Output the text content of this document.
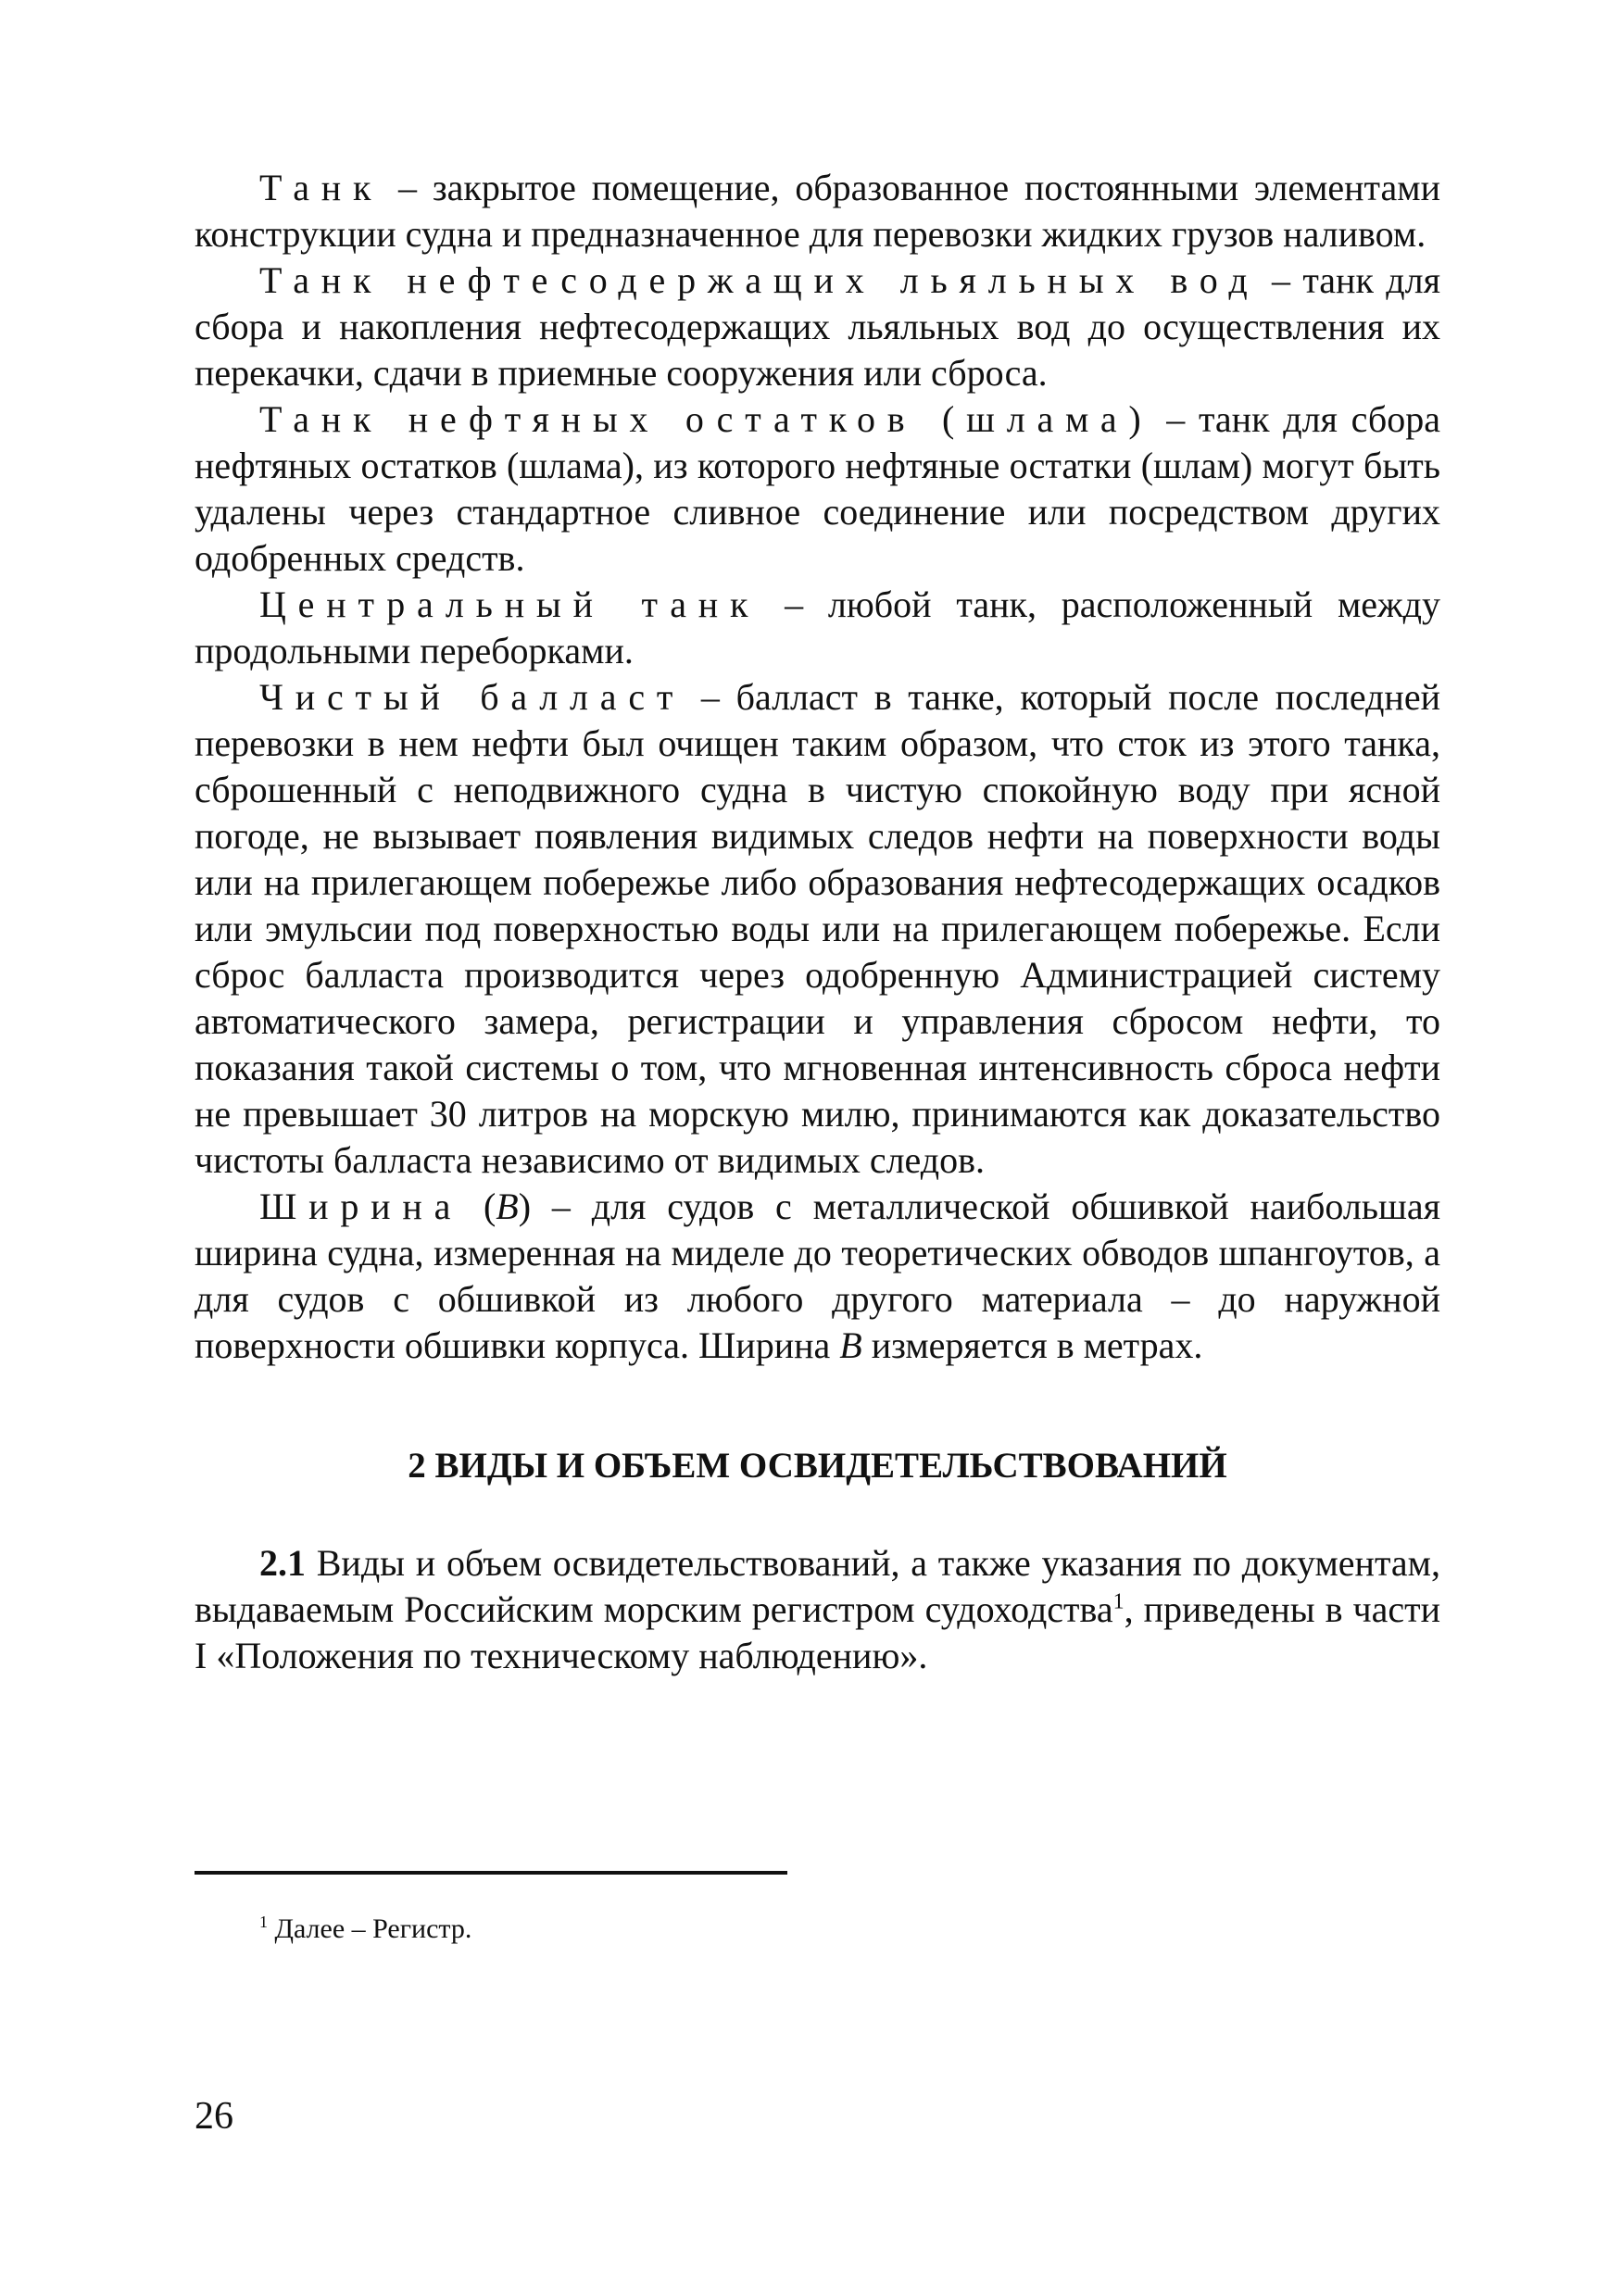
Танк – закрытое помещение, образованное постоянными элементами конструкции судна и предназначенное для перевозки жидких грузов наливом.

Танк нефтесодержащих льяльных вод – танк для сбора и накопления нефтесодержащих льяльных вод до осуществления их перекачки, сдачи в приемные сооружения или сброса.

Танк нефтяных остатков (шлама) – танк для сбора нефтяных остатков (шлама), из которого нефтяные остатки (шлам) могут быть удалены через стандартное сливное соединение или посредством других одобренных средств.

Центральный танк – любой танк, расположенный между продольными переборками.

Чистый балласт – балласт в танке, который после последней перевозки в нем нефти был очищен таким образом, что сток из этого танка, сброшенный с неподвижного судна в чистую спокойную воду при ясной погоде, не вызывает появления видимых следов нефти на поверхности воды или на прилегающем побережье либо образования нефтесодержащих осадков или эмульсии под поверхностью воды или на прилегающем побережье. Если сброс балласта производится через одобренную Администрацией систему автоматического замера, регистрации и управления сбросом нефти, то показания такой системы о том, что мгновенная интенсивность сброса нефти не превышает 30 литров на морскую милю, принимаются как доказательство чистоты балласта независимо от видимых следов.

Ширина (B) – для судов с металлической обшивкой наибольшая ширина судна, измеренная на миделе до теоретических обводов шпангоутов, а для судов с обшивкой из любого другого материала – до наружной поверхности обшивки корпуса. Ширина B измеряется в метрах.

2 ВИДЫ И ОБЪЕМ ОСВИДЕТЕЛЬСТВОВАНИЙ

2.1 Виды и объем освидетельствований, а также указания по документам, выдаваемым Российским морским регистром судоходства$^1$, приведены в части I «Положения по техническому наблюдению».

$^1$ Далее – Регистр.

26
